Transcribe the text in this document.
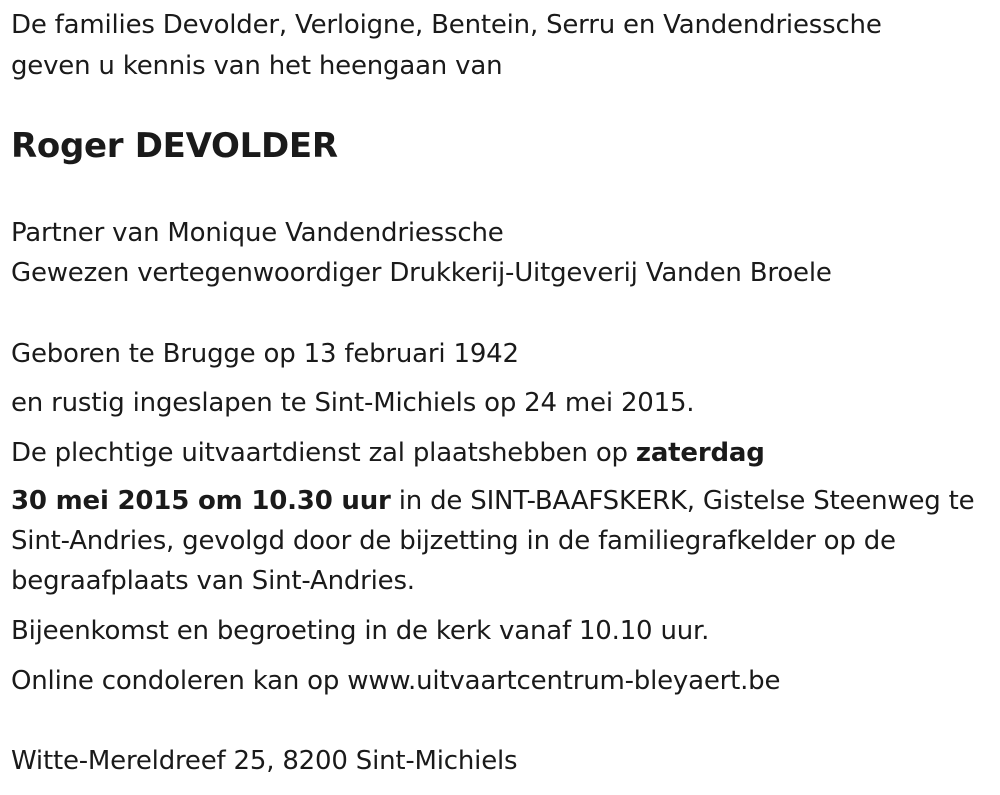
De families Devolder, Verloigne, Bentein, Serru en Vandendriessche
geven u kennis van het heengaan van
Roger DEVOLDER
Partner van Monique Vandendriessche
Gewezen vertegenwoordiger Drukkerij-Uitgeverij Vanden Broele
Geboren te Brugge op 13 februari 1942
en rustig ingeslapen te Sint-Michiels op 24 mei 2015.
De plechtige uitvaartdienst zal plaatshebben op zaterdag
30 mei 2015 om 10.30 uur in de SINT-BAAFSKERK, Gistelse Steenweg te
Sint-Andries, gevolgd door de bijzetting in de familiegrafkelder op de
begraafplaats van Sint-Andries.
Bijeenkomst en begroeting in de kerk vanaf 10.10 uur.
Online condoleren kan op www.uitvaartcentrum-bleyaert.be
Witte-Mereldreef 25, 8200 Sint-Michiels
